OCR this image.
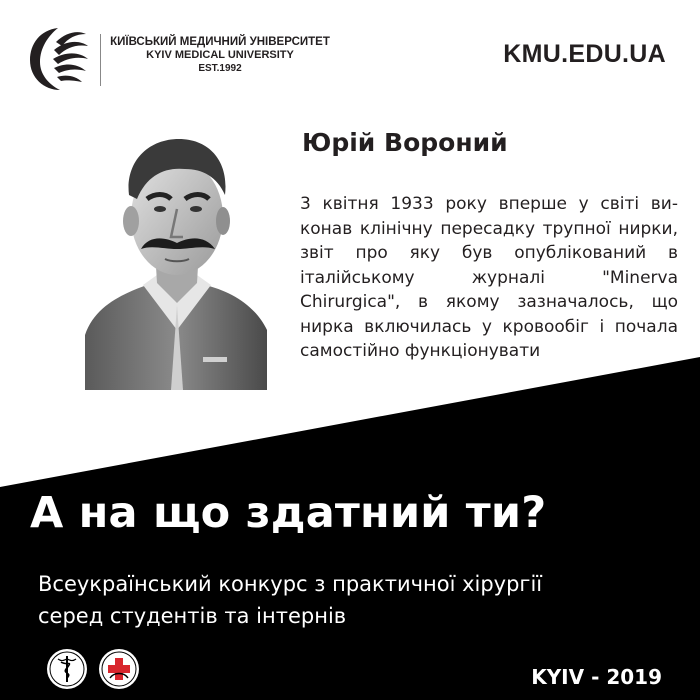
КИЇВСЬКИЙ МЕДИЧНИЙ УНІВЕРСИТЕТ
KYIV MEDICAL UNIVERSITY
EST.1992
KMU.EDU.UA
Юрій Вороний
3 квітня 1933 року вперше у світі виконав клінічну пересадку трупної нирки, звіт про яку був опублікований в італійському журналі "Minerva Chirurgica", в якому зазначалось, що нирка включилась у кровообіг і почала самостійно функціонувати
А на що здатний ти?
Всеукраїнський конкурс з практичної хірургії
серед студентів та інтернів
KYIV - 2019
